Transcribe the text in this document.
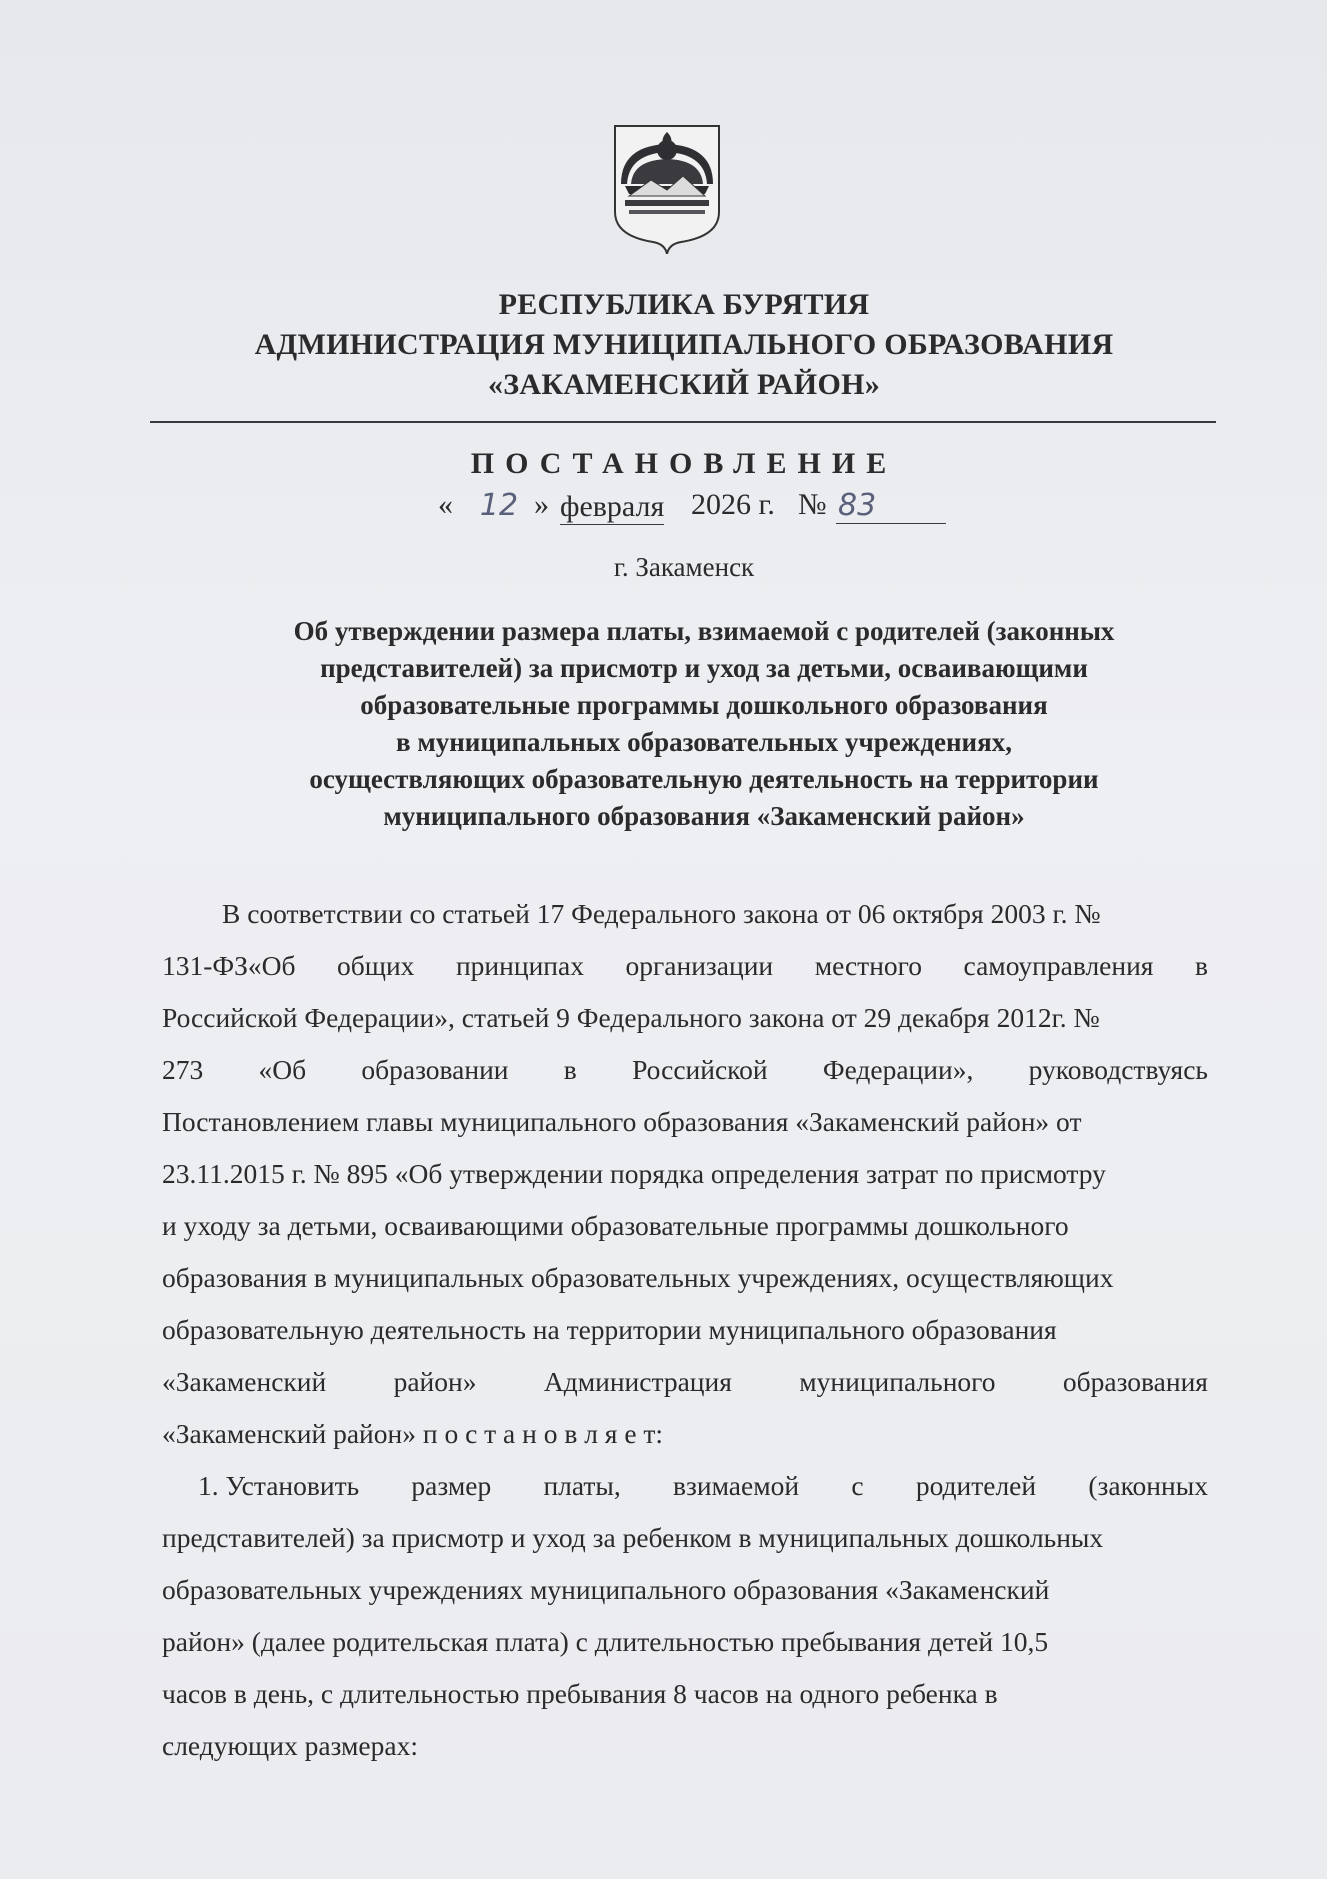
РЕСПУБЛИКА БУРЯТИЯ
АДМИНИСТРАЦИЯ МУНИЦИПАЛЬНОГО ОБРАЗОВАНИЯ
«ЗАКАМЕНСКИЙ РАЙОН»
ПОСТАНОВЛЕНИЕ
« 12 » февраля 2026 г. № 83
г. Закаменск
Об утверждении размера платы, взимаемой с родителей (законных
представителей) за присмотр и уход за детьми, осваивающими
образовательные программы дошкольного образования
в муниципальных образовательных учреждениях,
осуществляющих образовательную деятельность на территории
муниципального образования «Закаменский район»
В соответствии со статьей 17 Федерального закона от 06 октября 2003 г. №
131-ФЗ«Об общих принципах организации местного самоуправления в
Российской Федерации», статьей 9 Федерального закона от 29 декабря 2012г. №
273 «Об образовании в Российской Федерации», руководствуясь
Постановлением главы муниципального образования «Закаменский район» от
23.11.2015 г. № 895 «Об утверждении порядка определения затрат по присмотру
и уходу за детьми, осваивающими образовательные программы дошкольного
образования в муниципальных образовательных учреждениях, осуществляющих
образовательную деятельность на территории муниципального образования
«Закаменский район» Администрация муниципального образования
«Закаменский район» п о с т а н о в л я е т:
1. Установить размер платы, взимаемой с родителей (законных
представителей) за присмотр и уход за ребенком в муниципальных дошкольных
образовательных учреждениях муниципального образования «Закаменский
район» (далее родительская плата) с длительностью пребывания детей 10,5
часов в день, с длительностью пребывания 8 часов на одного ребенка в
следующих размерах:
